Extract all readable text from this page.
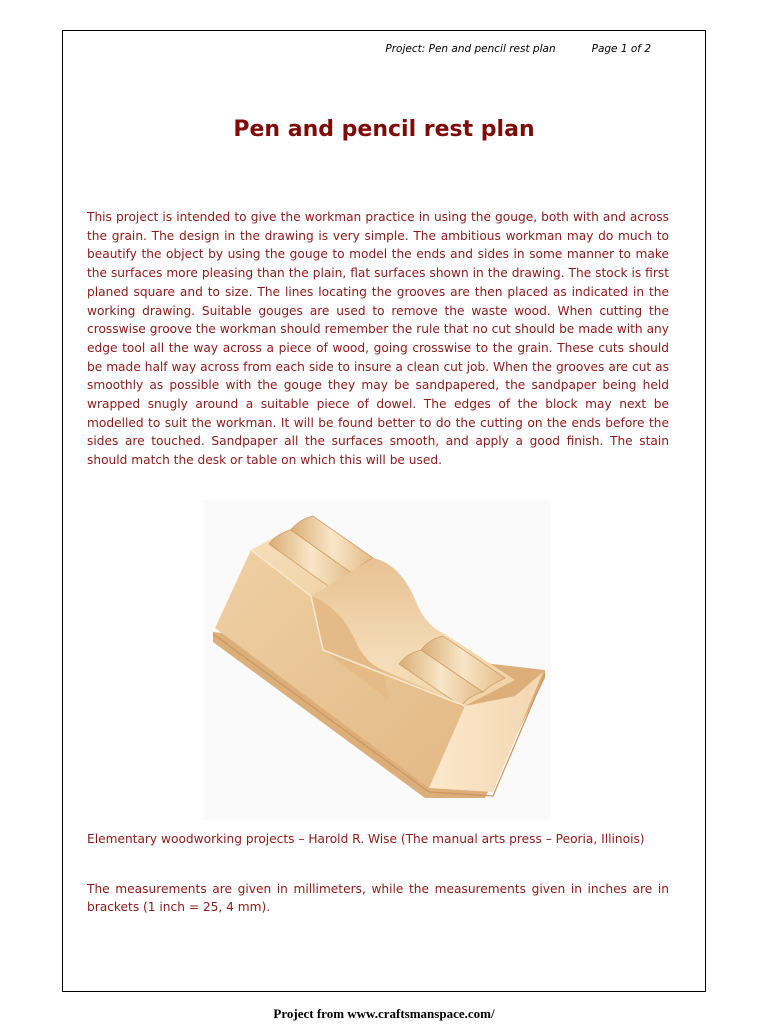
Project: Pen and pencil rest plan	Page 1 of 2
Pen and pencil rest plan

This project is intended to give the workman practice in using the gouge, both with and across the grain. The design in the drawing is very simple. The ambitious workman may do much to beautify the object by using the gouge to model the ends and sides in some manner to make the surfaces more pleasing than the plain, flat surfaces shown in the drawing. The stock is first planed square and to size. The lines locating the grooves are then placed as indicated in the working drawing. Suitable gouges are used to remove the waste wood. When cutting the crosswise groove the workman should remember the rule that no cut should be made with any edge tool all the way across a piece of wood, going crosswise to the grain. These cuts should be made half way across from each side to insure a clean cut job. When the grooves are cut as smoothly as possible with the gouge they may be sandpapered, the sandpaper being held wrapped snugly around a suitable piece of dowel. The edges of the block may next be modelled to suit the workman. It will be found better to do the cutting on the ends before the sides are touched. Sandpaper all the surfaces smooth, and apply a good finish. The stain should match the desk or table on which this will be used.

Elementary woodworking projects – Harold R. Wise (The manual arts press – Peoria, Illinois)

The measurements are given in millimeters, while the measurements given in inches are in brackets (1 inch = 25, 4 mm).

Project from www.craftsmanspace.com/
